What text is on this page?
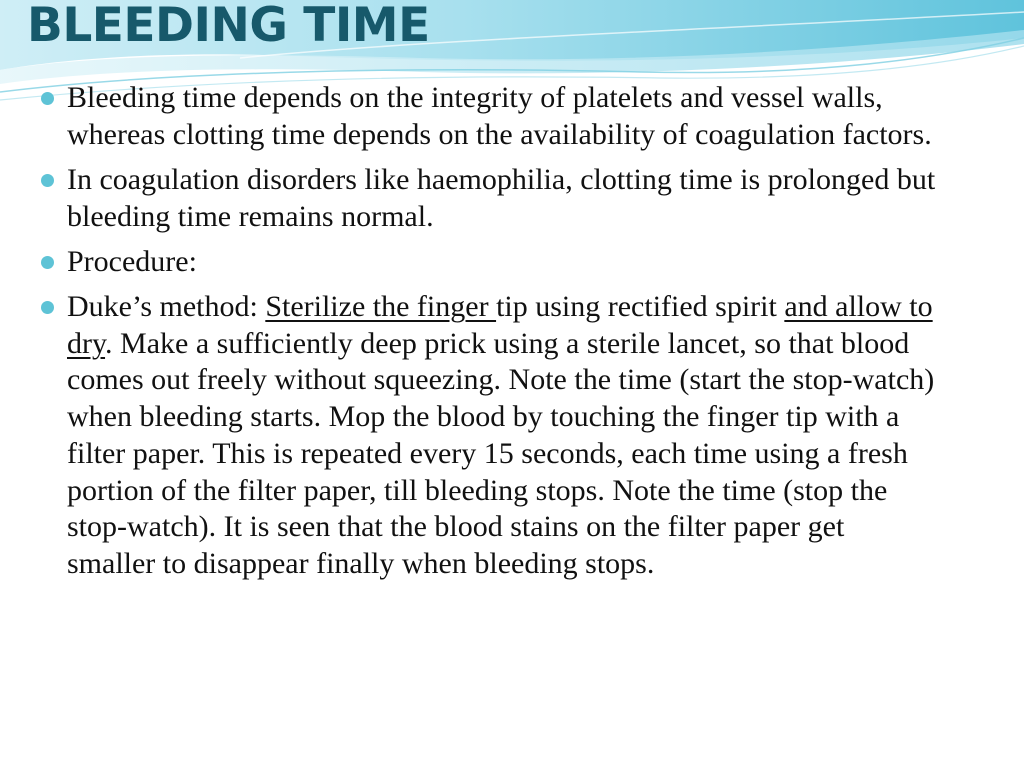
BLEEDING TIME
Bleeding time depends on the integrity of platelets and vessel walls, whereas clotting time depends on the availability of coagulation factors.
In coagulation disorders like haemophilia, clotting time is prolonged but bleeding time remains normal.
Procedure:
Duke’s method: Sterilize the finger tip using rectified spirit and allow to dry. Make a sufficiently deep prick using a sterile lancet, so that blood comes out freely without squeezing. Note the time (start the stop-watch) when bleeding starts. Mop the blood by touching the finger tip with a filter paper. This is repeated every 15 seconds, each time using a fresh portion of the filter paper, till bleeding stops. Note the time (stop the stop-watch). It is seen that the blood stains on the filter paper get smaller to disappear finally when bleeding stops.
